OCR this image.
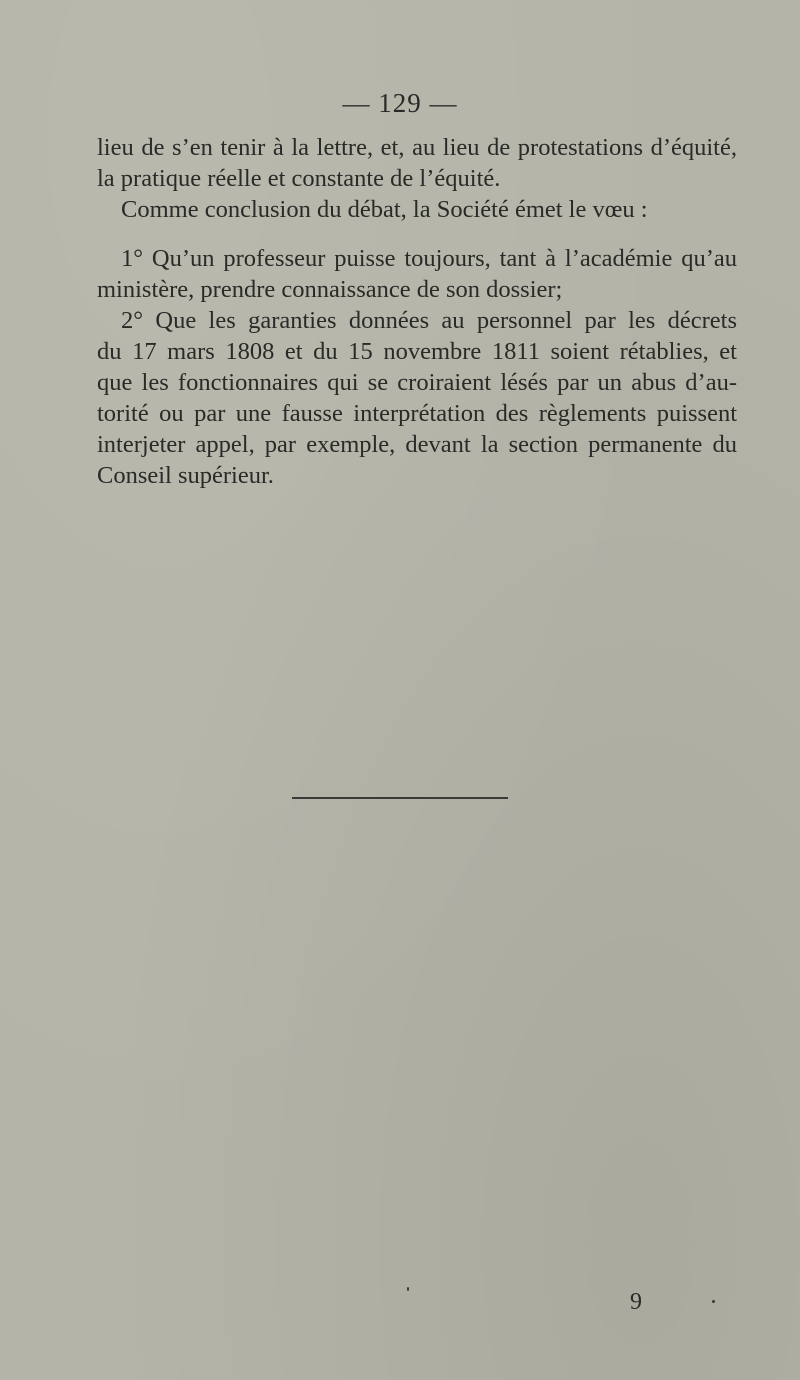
— 129 —
lieu de s’en tenir à la lettre, et, au lieu de protestations d’équité,
la pratique réelle et constante de l’équité.
Comme conclusion du débat, la Société émet le vœu :
1° Qu’un professeur puisse toujours, tant à l’académie qu’au
ministère, prendre connaissance de son dossier;
2° Que les garanties données au personnel par les décrets
du 17 mars 1808 et du 15 novembre 1811 soient rétablies, et
que les fonctionnaires qui se croiraient lésés par un abus d’au-
torité ou par une fausse interprétation des règlements puissent
interjeter appel, par exemple, devant la section permanente du
Conseil supérieur.
9
